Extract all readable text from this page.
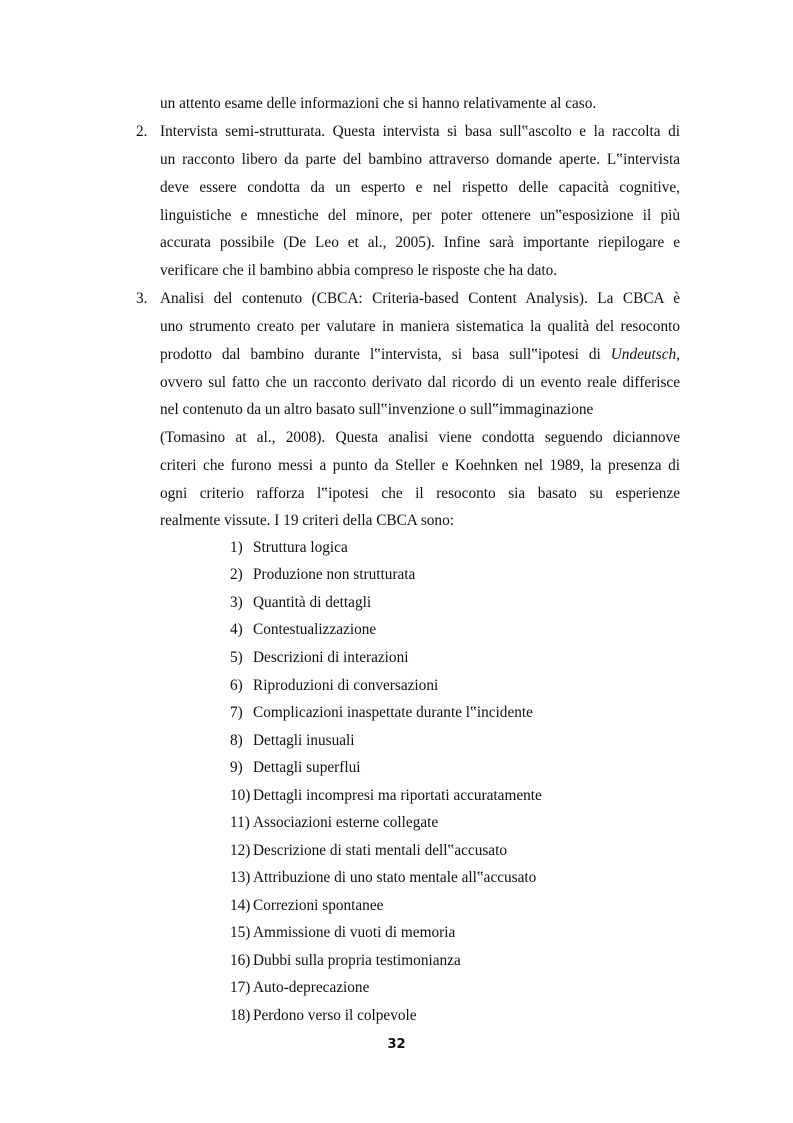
un attento esame delle informazioni che si hanno relativamente al caso.
2. Intervista semi-strutturata. Questa intervista si basa sull‟ascolto e la raccolta di
un racconto libero da parte del bambino attraverso domande aperte. L‟intervista
deve essere condotta da un esperto e nel rispetto delle capacità cognitive,
linguistiche e mnestiche del minore, per poter ottenere un‟esposizione il più
accurata possibile (De Leo et al., 2005). Infine sarà importante riepilogare e
verificare che il bambino abbia compreso le risposte che ha dato.
3. Analisi del contenuto (CBCA: Criteria-based Content Analysis). La CBCA è
uno strumento creato per valutare in maniera sistematica la qualità del resoconto
prodotto dal bambino durante l‟intervista, si basa sull‟ipotesi di Undeutsch,
ovvero sul fatto che un racconto derivato dal ricordo di un evento reale differisce
nel contenuto da un altro basato sull‟invenzione o sull‟immaginazione
(Tomasino at al., 2008). Questa analisi viene condotta seguendo diciannove
criteri che furono messi a punto da Steller e Koehnken nel 1989, la presenza di
ogni criterio rafforza l‟ipotesi che il resoconto sia basato su esperienze
realmente vissute. I 19 criteri della CBCA sono:
1) Struttura logica
2) Produzione non strutturata
3) Quantità di dettagli
4) Contestualizzazione
5) Descrizioni di interazioni
6) Riproduzioni di conversazioni
7) Complicazioni inaspettate durante l‟incidente
8) Dettagli inusuali
9) Dettagli superflui
10) Dettagli incompresi ma riportati accuratamente
11) Associazioni esterne collegate
12) Descrizione di stati mentali dell‟accusato
13) Attribuzione di uno stato mentale all‟accusato
14) Correzioni spontanee
15) Ammissione di vuoti di memoria
16) Dubbi sulla propria testimonianza
17) Auto-deprecazione
18) Perdono verso il colpevole
32
